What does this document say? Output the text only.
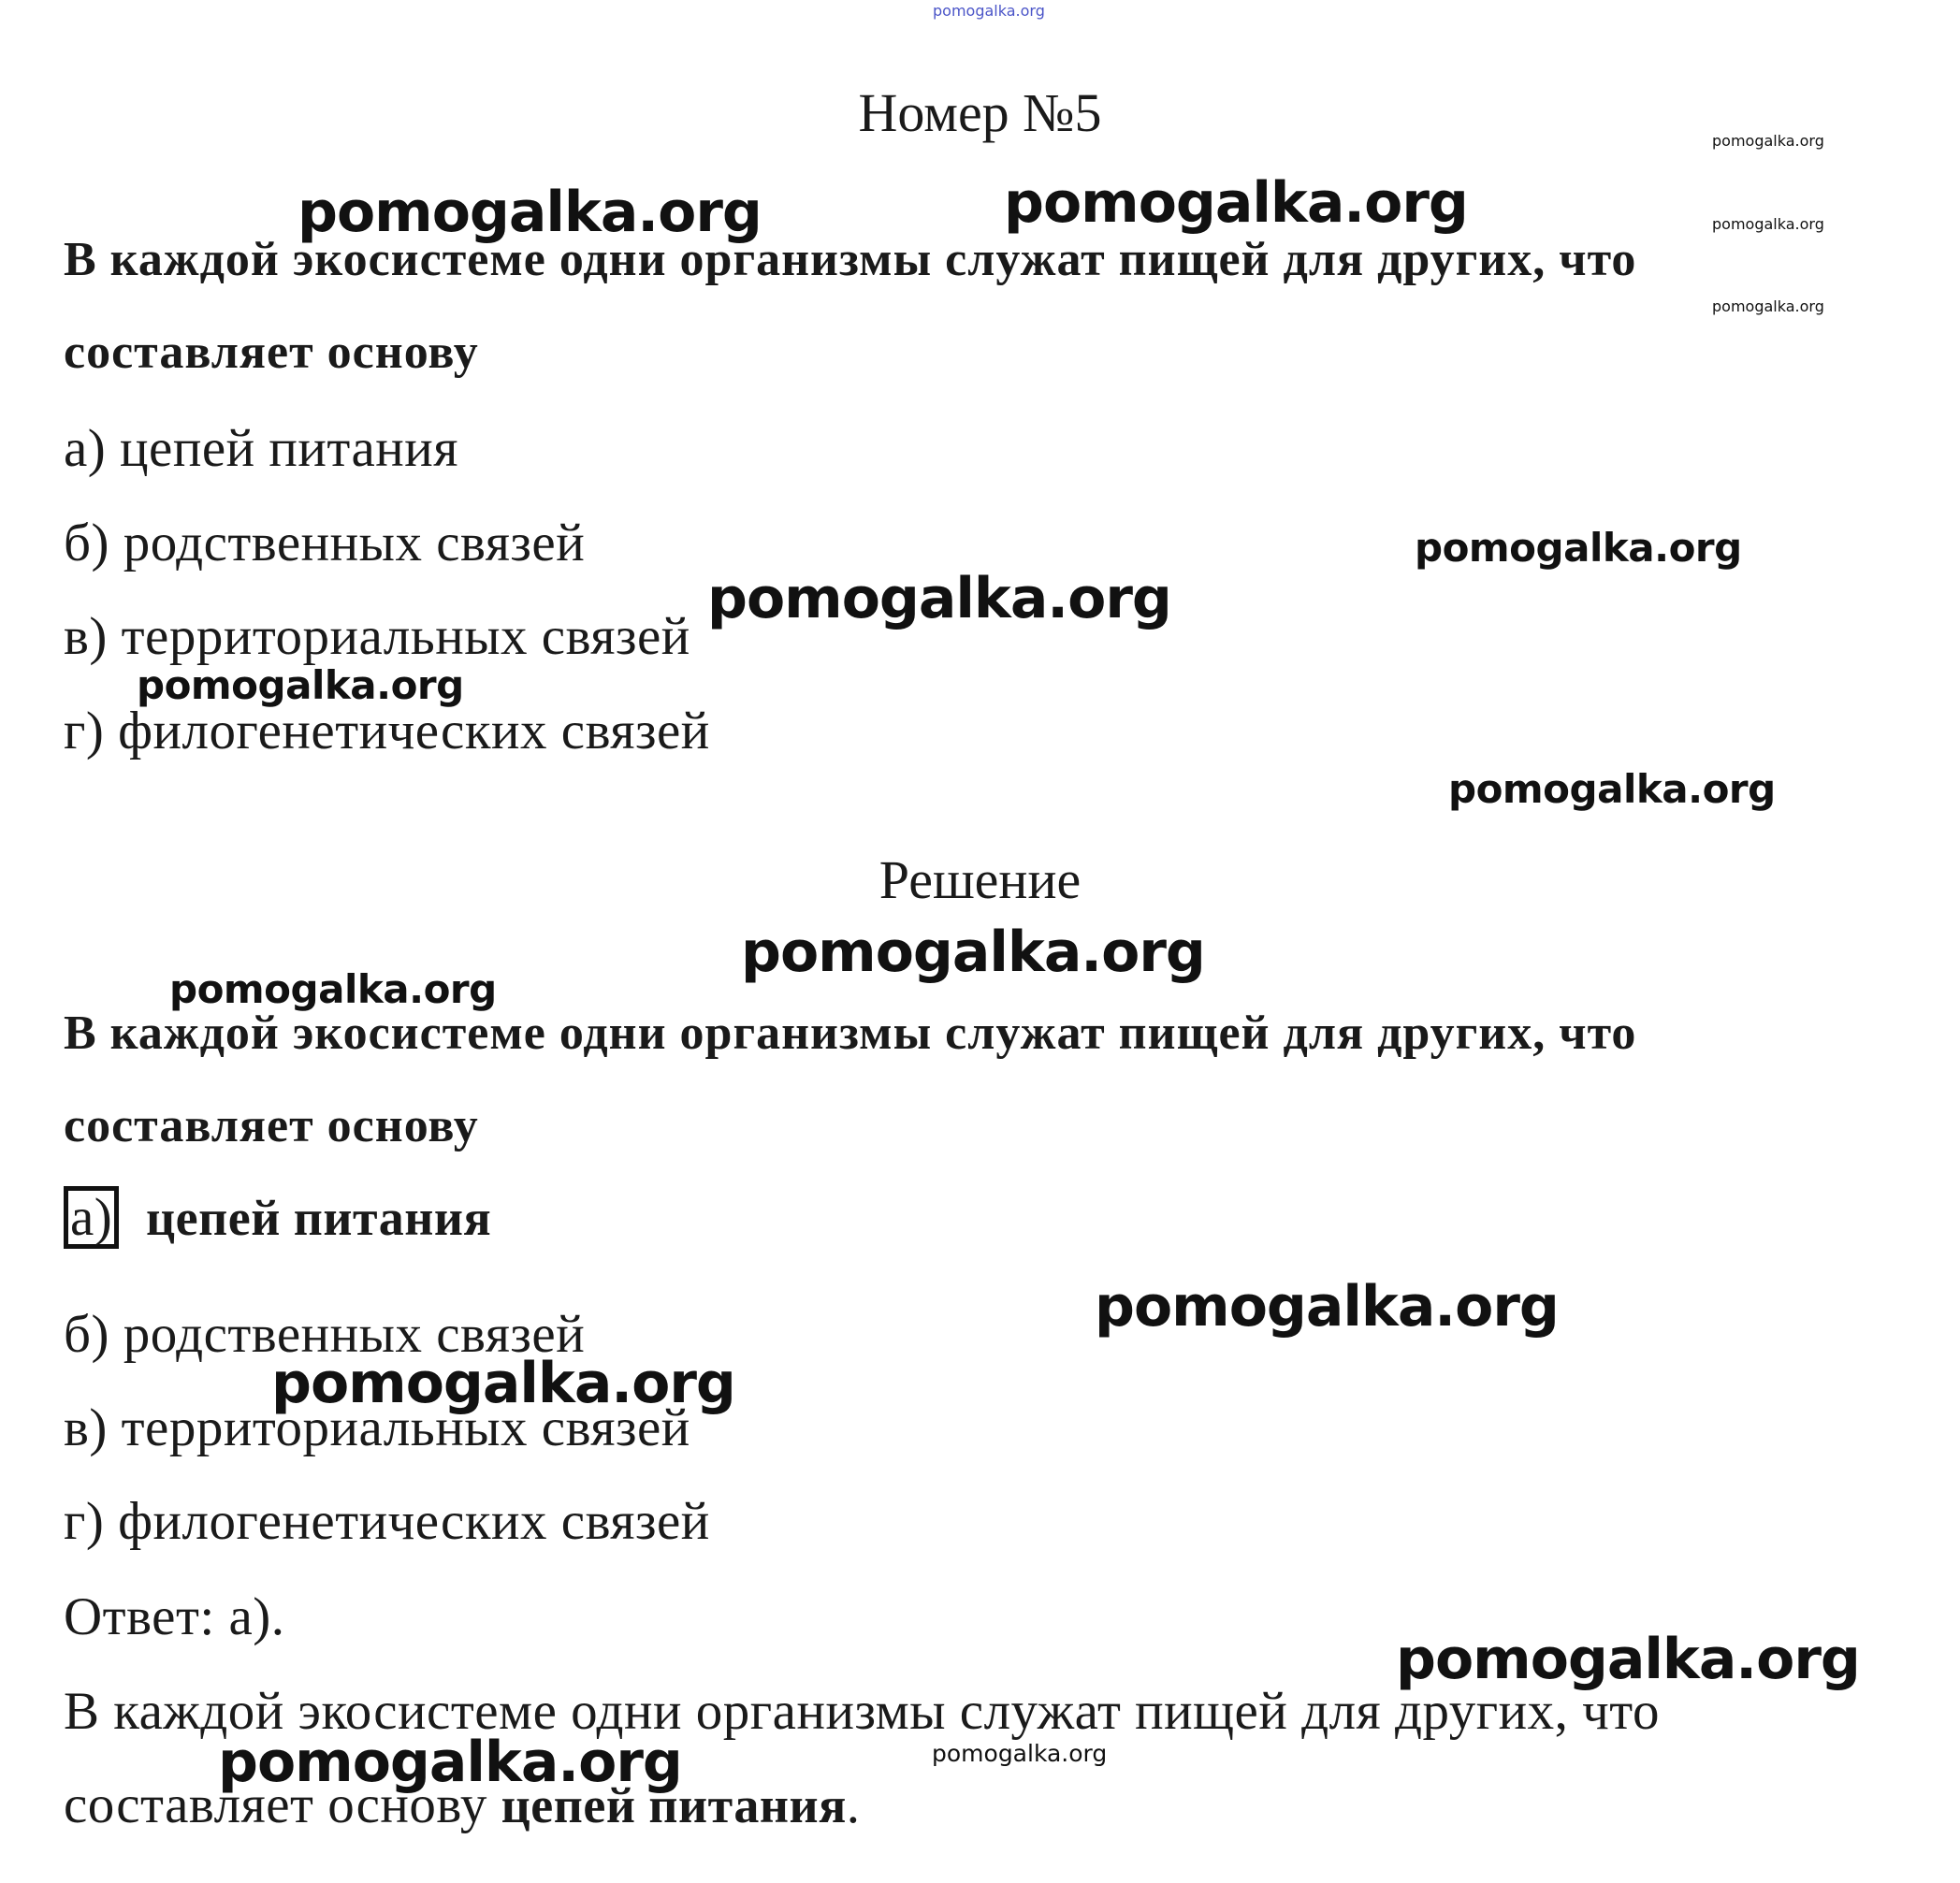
pomogalka.org
Номер №5
В каждой экосистеме одни организмы служат пищей для других, что
составляет основу
а) цепей питания
б) родственных связей
в) территориальных связей
г) филогенетических связей
Решение
В каждой экосистеме одни организмы служат пищей для других, что
составляет основу
а) цепей питания
б) родственных связей
в) территориальных связей
г) филогенетических связей
Ответ: а).
В каждой экосистеме одни организмы служат пищей для других, что
составляет основу цепей питания.
pomogalka.org
pomogalka.org	pomogalka.org	pomogalka.org
pomogalka.org
pomogalka.org
pomogalka.org
pomogalka.org
pomogalka.org
pomogalka.org
pomogalka.org
pomogalka.org
pomogalka.org
pomogalka.org
pomogalka.org	pomogalka.org
